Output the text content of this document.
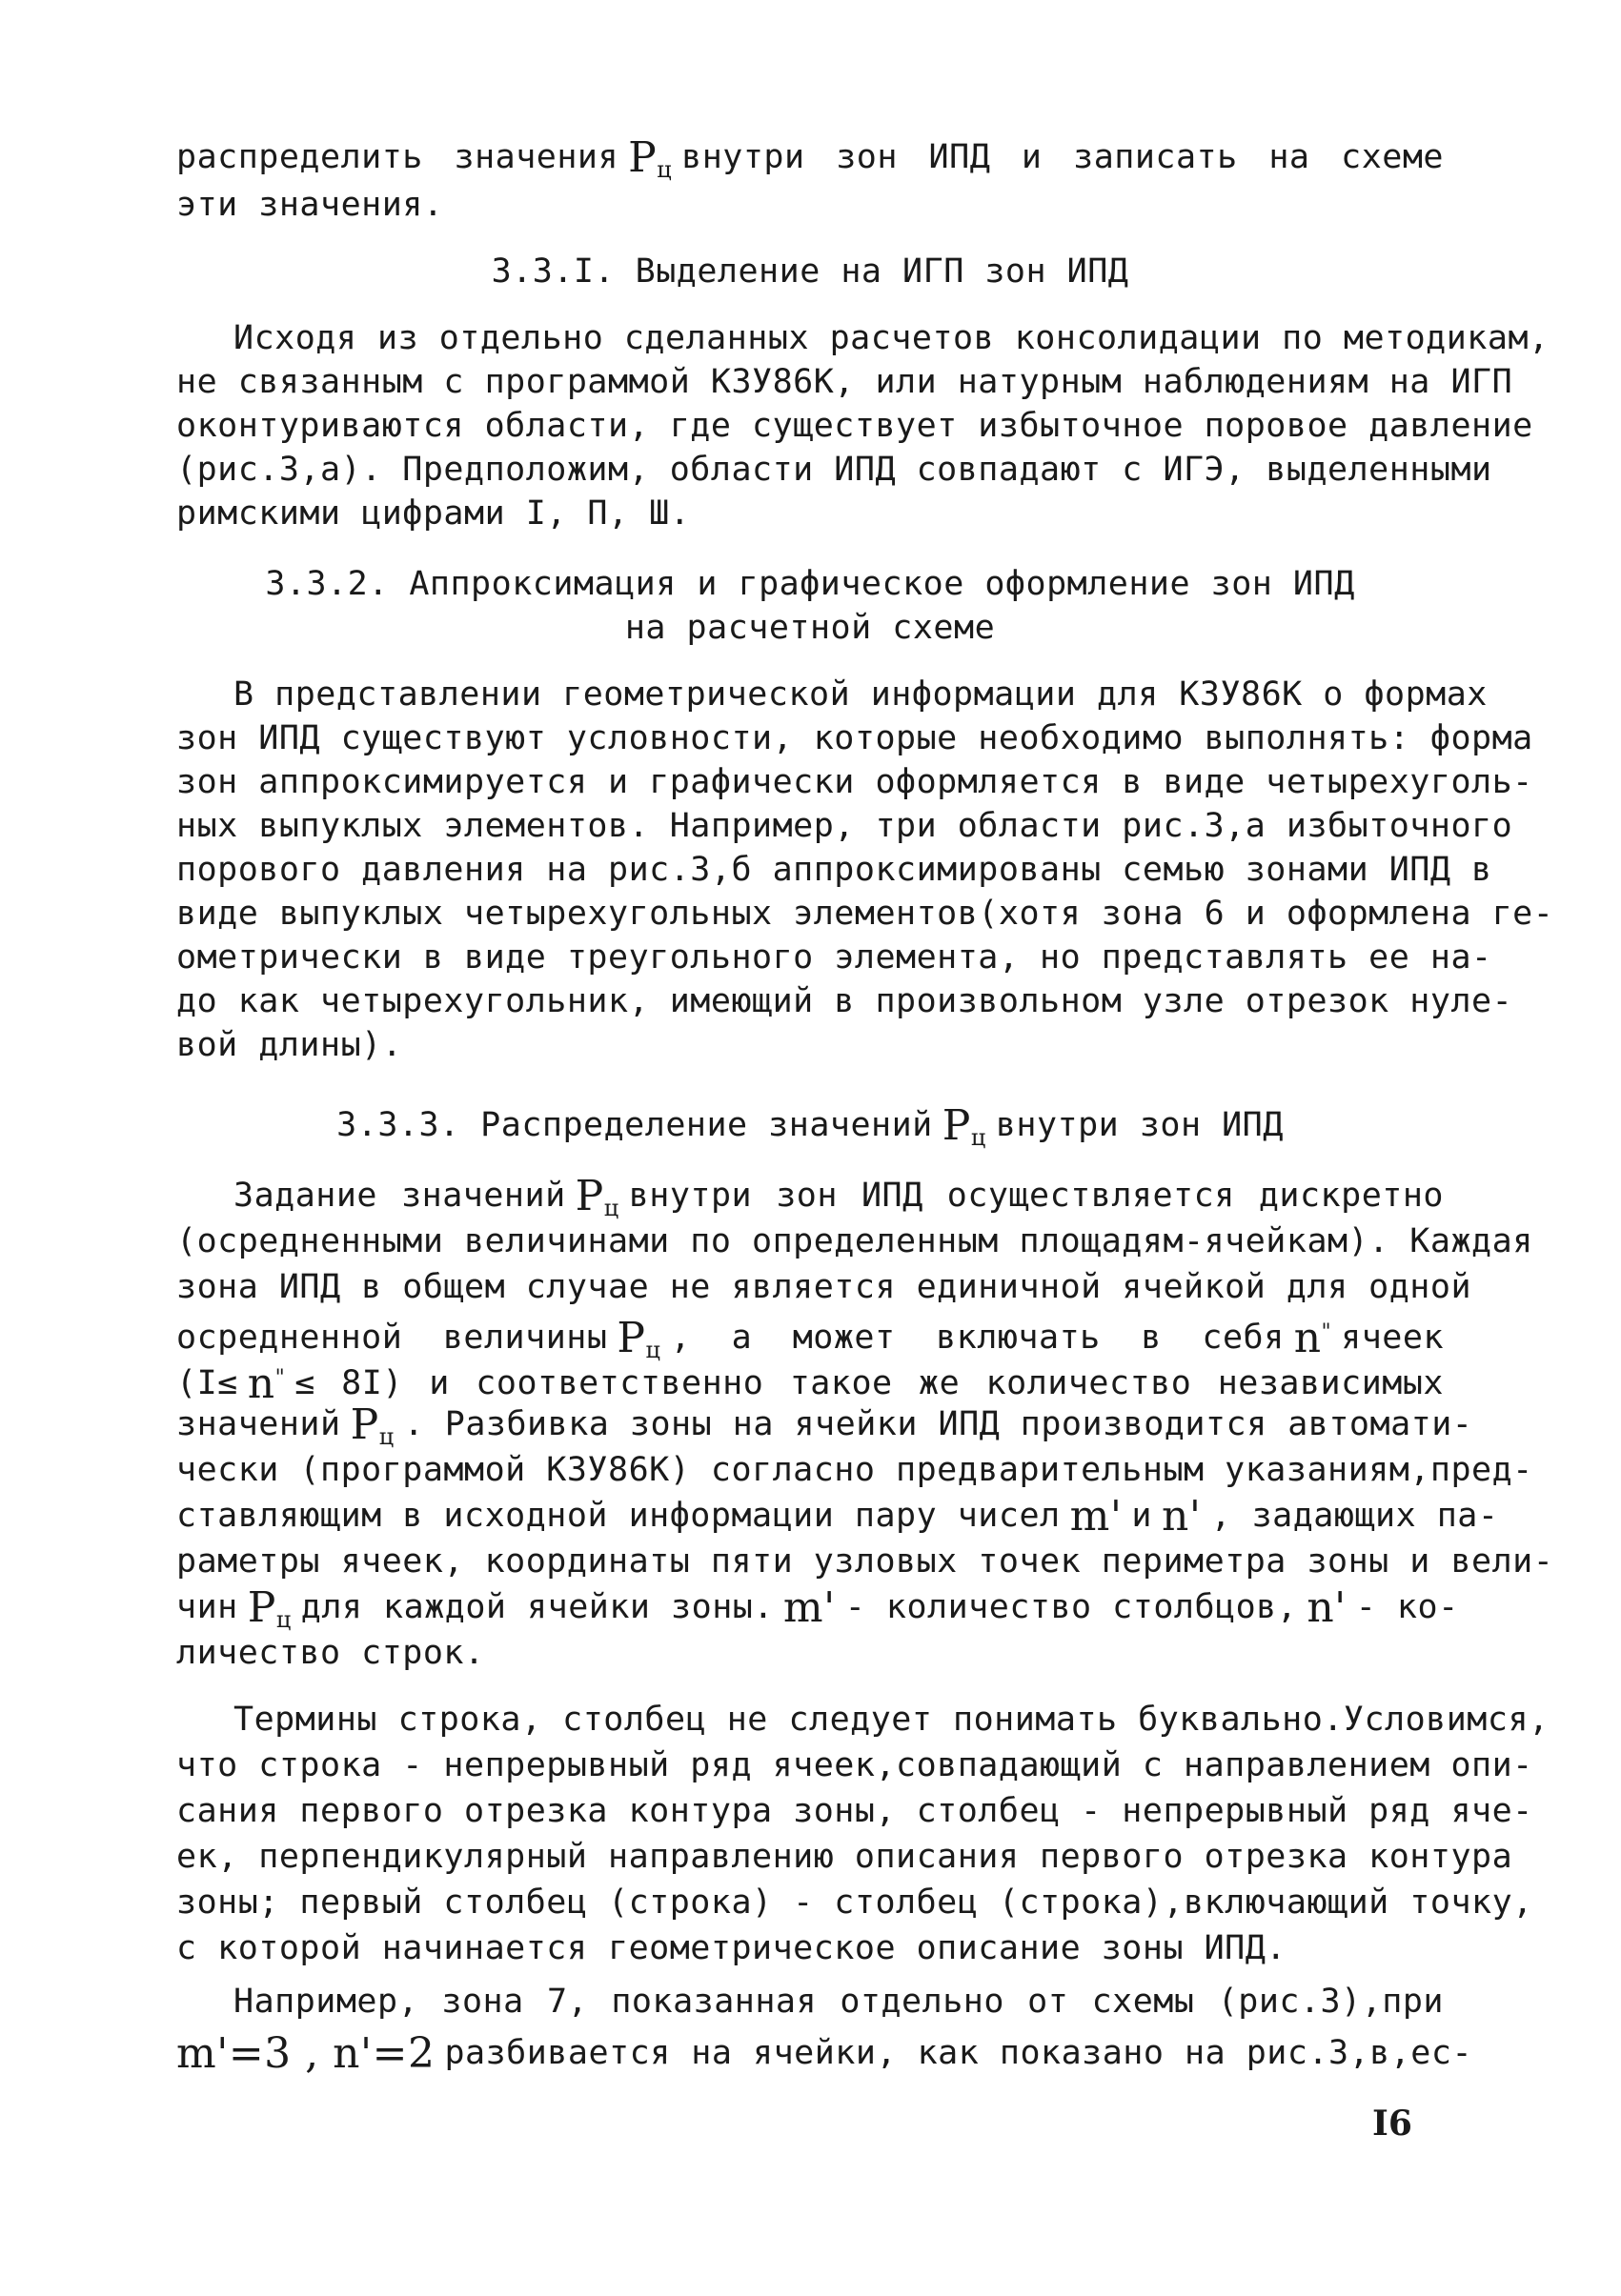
распределить значения $P_ц$ внутри зон ИПД и записать на схеме
эти значения.
3.3.I. Выделение на ИГП зон ИПД
Исходя из отдельно сделанных расчетов консолидации по методикам,
не связанным с программой КЗУ86К, или натурным наблюдениям на ИГП
оконтуриваются области, где существует избыточное поровое давление
(рис.3,а). Предположим, области ИПД совпадают с ИГЭ, выделенными
римскими цифрами I, П, Ш.
3.3.2. Аппроксимация и графическое оформление зон ИПД
на расчетной схеме
В представлении геометрической информации для КЗУ86К о формах
зон ИПД существуют условности, которые необходимо выполнять: форма
зон аппроксимируется и графически оформляется в виде четырехуголь-
ных выпуклых элементов. Например, три области рис.3,а избыточного
порового давления на рис.3,б аппроксимированы семью зонами ИПД в
виде выпуклых четырехугольных элементов(хотя зона 6 и оформлена ге-
ометрически в виде треугольного элемента, но представлять ее на-
до как четырехугольник, имеющий в произвольном узле отрезок нуле-
вой длины).
3.3.3. Распределение значений $P_ц$ внутри зон ИПД
Задание значений $P_ц$ внутри зон ИПД осуществляется дискретно
(осредненными величинами по определенным площадям-ячейкам). Каждая
зона ИПД в общем случае не является единичной ячейкой для одной
осредненной величины $P_ц$ , а может включать в себя n" ячеек
(I≤ n" ≤ 8I) и соответственно такое же количество независимых
значений $P_ц$ . Разбивка зоны на ячейки ИПД производится автомати-
чески (программой КЗУ86К) согласно предварительным указаниям,пред-
ставляющим в исходной информации пару чисел m' и n' , задающих па-
раметры ячеек, координаты пяти узловых точек периметра зоны и вели-
чин $P_ц$ для каждой ячейки зоны. m' - количество столбцов, n' - ко-
личество строк.
Термины строка, столбец не следует понимать буквально.Условимся,
что строка - непрерывный ряд ячеек,совпадающий с направлением опи-
сания первого отрезка контура зоны, столбец - непрерывный ряд яче-
ек, перпендикулярный направлению описания первого отрезка контура
зоны; первый столбец (строка) - столбец (строка),включающий точку,
с которой начинается геометрическое описание зоны ИПД.
Например, зона 7, показанная отдельно от схемы (рис.3),при
m'=3 , n'=2 разбивается на ячейки, как показано на рис.3,в,ес-
I6
